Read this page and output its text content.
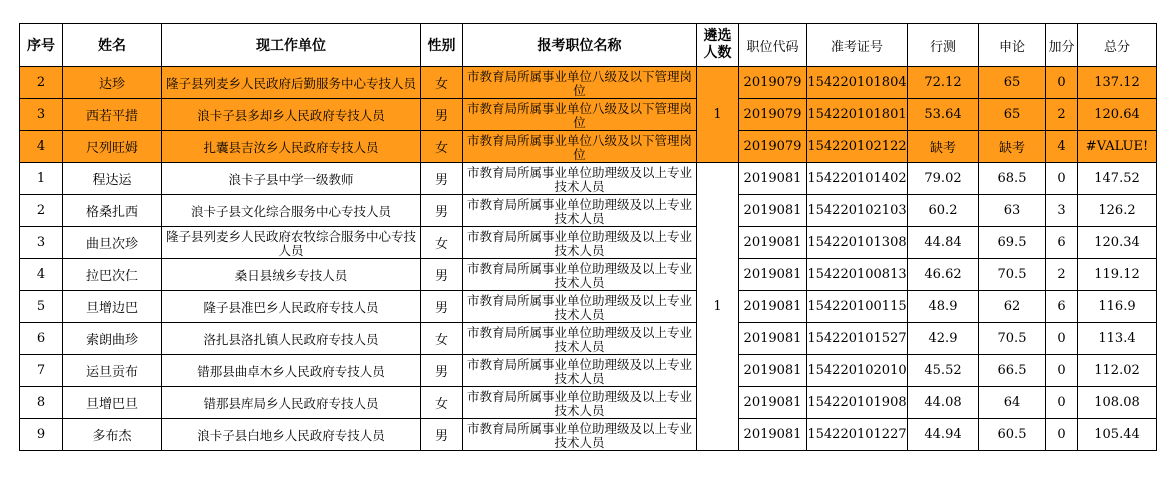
序号	姓名	现工作单位	性别	报考职位名称	遴选人数	职位代码	准考证号	行测	申论	加分	总分
2	达珍	隆子县列麦乡人民政府后勤服务中心专技人员	女	市教育局所属事业单位八级及以下管理岗位	1	2019079	154220101804	72.12	65	0	137.12
3	西若平措	浪卡子县多却乡人民政府专技人员	男	市教育局所属事业单位八级及以下管理岗位		2019079	154220101801	53.64	65	2	120.64
4	尺列旺姆	扎囊县吉汝乡人民政府专技人员	女	市教育局所属事业单位八级及以下管理岗位		2019079	154220102122	缺考	缺考	4	#VALUE!
1	程达运	浪卡子县中学一级教师	男	市教育局所属事业单位助理级及以上专业技术人员	1	2019081	154220101402	79.02	68.5	0	147.52
2	格桑扎西	浪卡子县文化综合服务中心专技人员	男	市教育局所属事业单位助理级及以上专业技术人员		2019081	154220102103	60.2	63	3	126.2
3	曲旦次珍	隆子县列麦乡人民政府农牧综合服务中心专技人员	女	市教育局所属事业单位助理级及以上专业技术人员		2019081	154220101308	44.84	69.5	6	120.34
4	拉巴次仁	桑日县绒乡专技人员	男	市教育局所属事业单位助理级及以上专业技术人员		2019081	154220100813	46.62	70.5	2	119.12
5	旦增边巴	隆子县准巴乡人民政府专技人员	男	市教育局所属事业单位助理级及以上专业技术人员		2019081	154220100115	48.9	62	6	116.9
6	索朗曲珍	洛扎县洛扎镇人民政府专技人员	女	市教育局所属事业单位助理级及以上专业技术人员		2019081	154220101527	42.9	70.5	0	113.4
7	运旦贡布	错那县曲卓木乡人民政府专技人员	男	市教育局所属事业单位助理级及以上专业技术人员		2019081	154220102010	45.52	66.5	0	112.02
8	旦增巴旦	错那县库局乡人民政府专技人员	女	市教育局所属事业单位助理级及以上专业技术人员		2019081	154220101908	44.08	64	0	108.08
9	多布杰	浪卡子县白地乡人民政府专技人员	男	市教育局所属事业单位助理级及以上专业技术人员		2019081	154220101227	44.94	60.5	0	105.44
